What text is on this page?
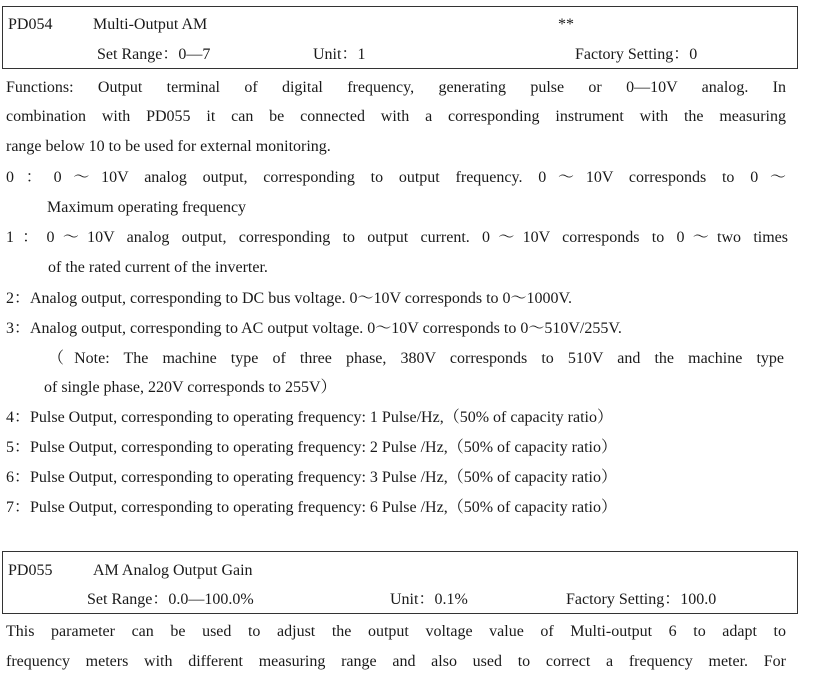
PD054	Multi-Output AM	**
Set Range：0—7	Unit：1	Factory Setting：0
Functions: Output terminal of digital frequency, generating pulse or 0—10V analog. In
combination with PD055 it can be connected with a corresponding instrument with the measuring
range below 10 to be used for external monitoring.
0：0～10V analog output, corresponding to output frequency. 0～10V corresponds to 0～
Maximum operating frequency
1：0～10V analog output, corresponding to output current. 0～10V corresponds to 0～two times
of the rated current of the inverter.
2：Analog output, corresponding to DC bus voltage. 0～10V corresponds to 0～1000V.
3：Analog output, corresponding to AC output voltage. 0～10V corresponds to 0～510V/255V.
（Note: The machine type of three phase, 380V corresponds to 510V and the machine type
of single phase, 220V corresponds to 255V）
4：Pulse Output, corresponding to operating frequency: 1 Pulse/Hz,（50% of capacity ratio）
5：Pulse Output, corresponding to operating frequency: 2 Pulse /Hz,（50% of capacity ratio）
6：Pulse Output, corresponding to operating frequency: 3 Pulse /Hz,（50% of capacity ratio）
7：Pulse Output, corresponding to operating frequency: 6 Pulse /Hz,（50% of capacity ratio）
PD055	AM Analog Output Gain
Set Range：0.0—100.0%	Unit：0.1%	Factory Setting：100.0
This parameter can be used to adjust the output voltage value of Multi-output 6 to adapt to
frequency meters with different measuring range and also used to correct a frequency meter. For
